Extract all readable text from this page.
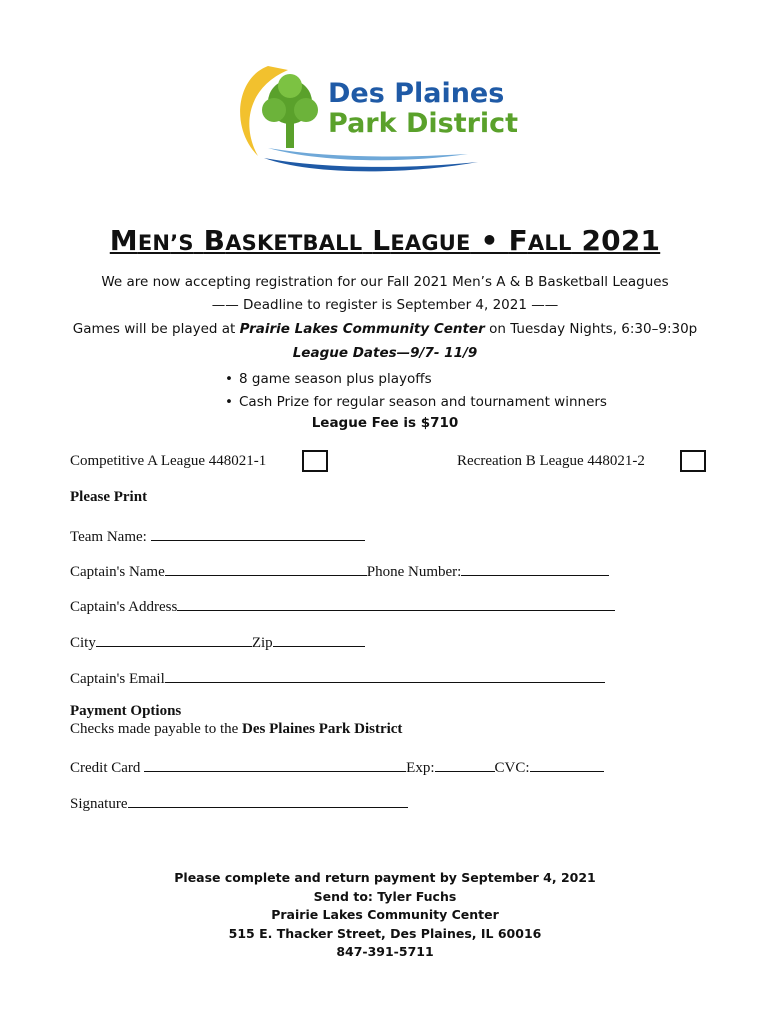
Des Plaines
Park District
MEN’S BASKETBALL LEAGUE • FALL 2021
We are now accepting registration for our Fall 2021 Men’s A & B Basketball Leagues
—— Deadline to register is September 4, 2021 ——
Games will be played at Prairie Lakes Community Center on Tuesday Nights, 6:30–9:30p
League Dates—9/7- 11/9
• 8 game season plus playoffs
• Cash Prize for regular season and tournament winners
League Fee is $710
Competitive A League 448021-1	Recreation B League 448021-2
Please Print
Team Name:
Captain's Name	Phone Number:
Captain's Address
City	Zip
Captain's Email
Payment Options
Checks made payable to the Des Plaines Park District
Credit Card	Exp:	CVC:
Signature
Please complete and return payment by September 4, 2021
Send to: Tyler Fuchs
Prairie Lakes Community Center
515 E. Thacker Street, Des Plaines, IL 60016
847-391-5711
